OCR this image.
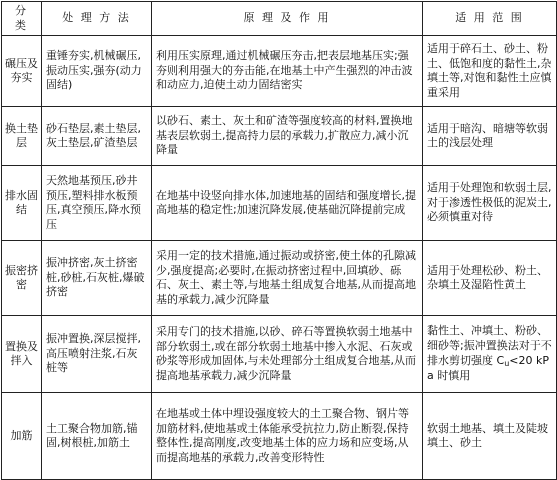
分 类	处 理 方 法	原 理 及 作 用	适 用 范 围
碾压及夯实	重锤夯实,机械碾压,振动压实,强夯(动力固结)	利用压实原理,通过机械碾压夯击,把表层地基压实;强夯则利用强大的夯击能,在地基土中产生强烈的冲击波和动应力,迫使土动力固结密实	适用于碎石土、砂土、粉土、低饱和度的黏性土,杂填土等,对饱和黏性土应慎重采用
换土垫层	砂石垫层,素土垫层,灰土垫层,矿渣垫层	以砂石、素土、灰土和矿渣等强度较高的材料,置换地基表层软弱土,提高持力层的承载力,扩散应力,减小沉降量	适用于暗沟、暗塘等软弱土的浅层处理
排水固结	天然地基预压,砂井预压,塑料排水板预压,真空预压,降水预压	在地基中设竖向排水体,加速地基的固结和强度增长,提高地基的稳定性;加速沉降发展,使基础沉降提前完成	适用于处理饱和软弱土层,对于渗透性极低的泥炭土,必须慎重对待
振密挤密	振冲挤密,灰土挤密桩,砂桩,石灰桩,爆破挤密	采用一定的技术措施,通过振动或挤密,使土体的孔隙减少,强度提高;必要时,在振动挤密过程中,回填砂、砾石、灰土、素土等,与地基土组成复合地基,从而提高地基的承载力,减少沉降量	适用于处理松砂、粉土、杂填土及湿陷性黄土
置换及拌入	振冲置换,深层搅拌,高压喷射注浆,石灰桩等	采用专门的技术措施,以砂、碎石等置换软弱土地基中部分软弱土,或在部分软弱土地基中掺入水泥、石灰或砂浆等形成加固体,与未处理部分土组成复合地基,从而提高地基承载力,减少沉降量	黏性土、冲填土、粉砂、细砂等;振冲置换法对于不排水剪切强度 $C_u<20$ kPa 时慎用
加筋	土工聚合物加筋,锚固,树根桩,加筋土	在地基或土体中埋设强度较大的土工聚合物、钢片等加筋材料,使地基或土体能承受抗拉力,防止断裂,保持整体性,提高刚度,改变地基土体的应力场和应变场,从而提高地基的承载力,改善变形特性	软弱土地基、填土及陡坡填土、砂土
